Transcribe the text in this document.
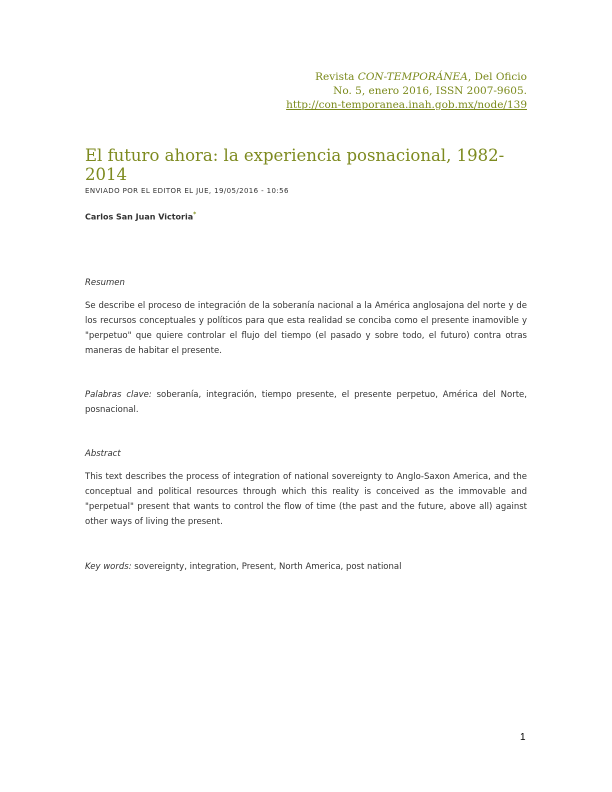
Revista CON-TEMPORÁNEA, Del Oficio
No. 5, enero 2016, ISSN 2007-9605.
http://con-temporanea.inah.gob.mx/node/139
El futuro ahora: la experiencia posnacional, 1982-2014
ENVIADO POR EL EDITOR EL JUE, 19/05/2016 - 10:56
Carlos San Juan Victoria*
Resumen

Se describe el proceso de integración de la soberanía nacional a la América anglosajona del norte y de los recursos conceptuales y políticos para que esta realidad se conciba como el presente inamovible y "perpetuo" que quiere controlar el flujo del tiempo (el pasado y sobre todo, el futuro) contra otras maneras de habitar el presente.

Palabras clave: soberanía, integración, tiempo presente, el presente perpetuo, América del Norte, posnacional.

Abstract

This text describes the process of integration of national sovereignty to Anglo-Saxon America, and the conceptual and political resources through which this reality is conceived as the immovable and "perpetual" present that wants to control the flow of time (the past and the future, above all) against other ways of living the present.

Key words: sovereignty, integration, Present, North America, post national

1
